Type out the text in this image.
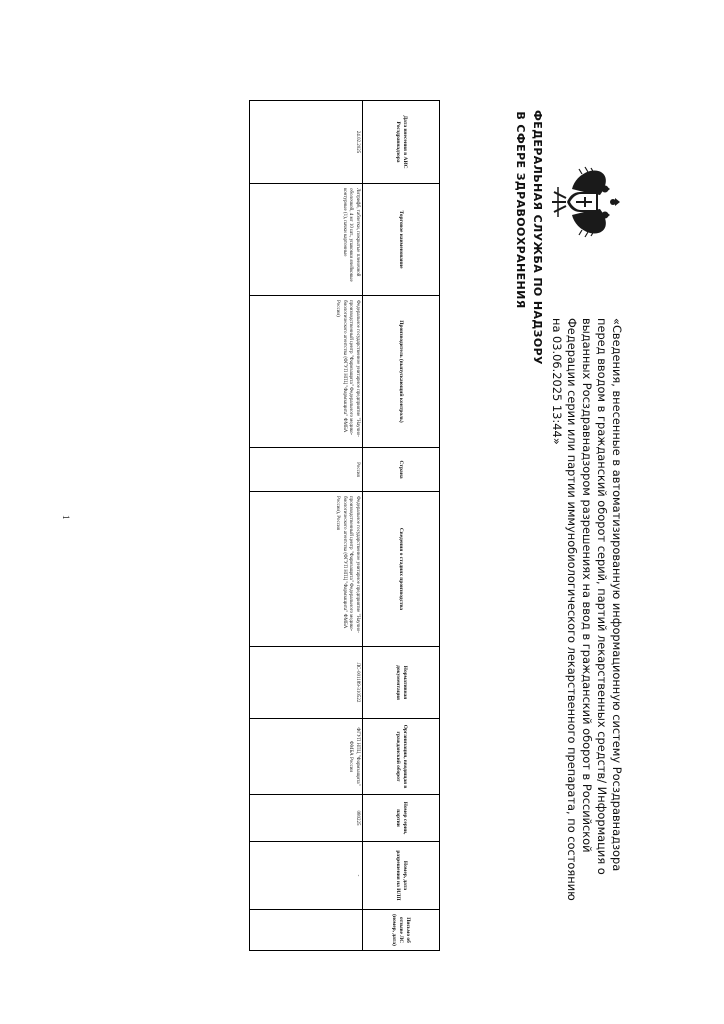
ФЕДЕРАЛЬНАЯ СЛУЖБА ПО НАДЗОРУ
В СФЕРЕ ЗДРАВООХРАНЕНИЯ
«Сведения, внесенные в автоматизированную информационную систему Росздравнадзора перед вводом в гражданский оборот серий, партий лекарственных средств/ Информация о выданных Росздравнадзором разрешениях на ввод в гражданский оборот в Российской Федерации серии или партии иммунобиологического лекарственного препарата, по состоянию на 03.06.2025 13:44»
Дата внесения в АИС Росздравнадзора	Торговое наименование	Производитель (выпускающий контроль)	Страна	Сведения о стадиях производства	Нормативная документация	Организация, вводящая в гражданский оборот	Номер серии, партии	Номер, дата разрешения на ИЛП	Письмо об отзыве ЛС (номер, дата)
24.02.2025	Литрифб, таблетки, покрытые пленочной оболочкой, 4 мг 10 шт., упаковки ячейковые контурные (1), пачки картонные	Федеральное государственное унитарное предприятие "Научно-производственный центр "Фармзащита" Федерального медико-биологического агентства (ФГУП НПЦ "Фармзащита" ФМБА России)	Россия	Федеральное государственное унитарное предприятие "Научно-производственный центр "Фармзащита" Федерального медико-биологического агентства (ФГУП НПЦ "Фармзащита" ФМБА России), Россия	ЛС-001189-310522	ФГУП НПЦ "Фармзащита" ФМБА России	080225	-	
1
